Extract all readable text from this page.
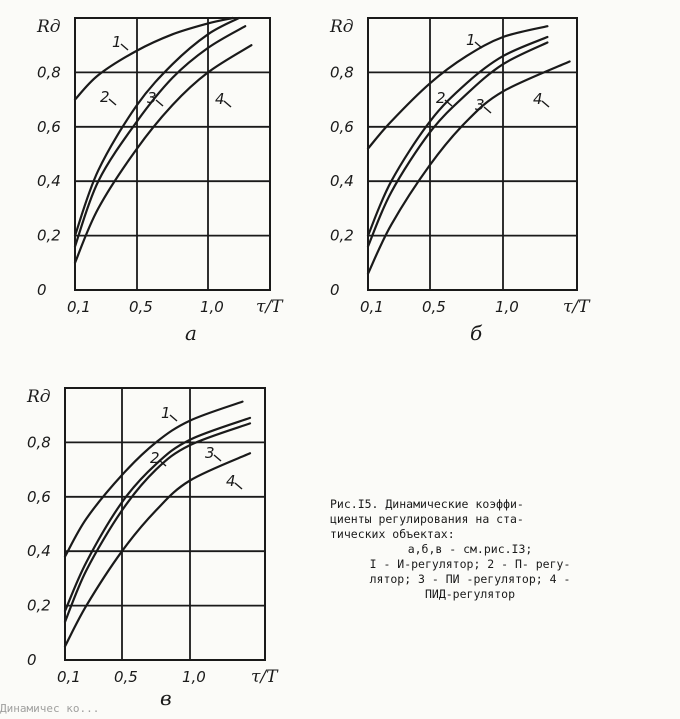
0
0,2
0,4
0,6
0,8
0,1	0,5	1,0
Rд
τ/T
а
1
2 3	4
0
0,2
0,4
0,6
0,8
0,1	0,5	1,0
Rд
τ/T
б
1
2 3	4
0
0,2
0,4
0,6
0,8
0,1 0,5	1,0
Rд
τ/T
в
1
2	3
4
Рис.I5. Динамические коэффи-
циенты регулирования на ста-
тических объектах:
а,б,в - см.рис.I3;
I - И-регулятор; 2 - П- регу-
лятор; 3 - ПИ -регулятор; 4 -
ПИД-регулятор
Динамичес ко...
